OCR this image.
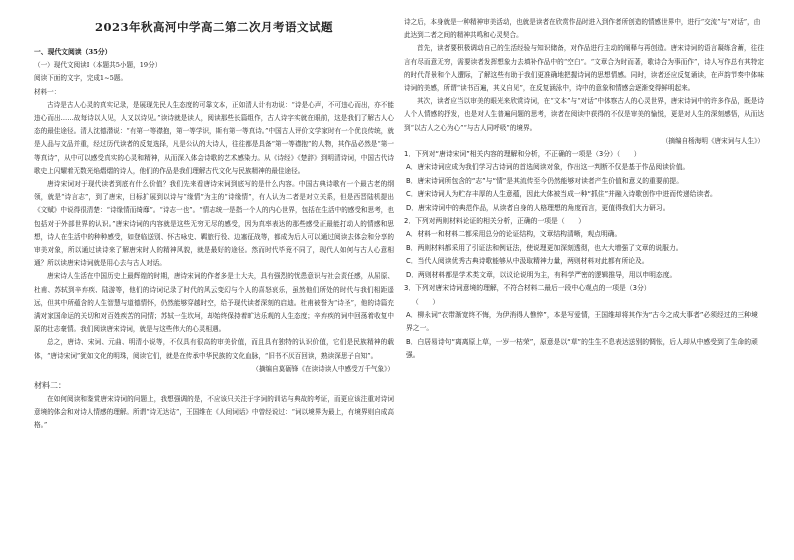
2023年秋高河中学高二第二次月考语文试题

一、现代文阅读（35分）

（一）现代文阅读Ⅰ（本题共5小题，19分）

阅读下面的文字，完成1~5题。

材料一：

古诗是古人心灵的真实记录，是展现先民人生态度的可靠文本，正如清人计有功说：“诗是心声，不可违心而出，亦不能违心而出……故每诗以人见，人又以诗见。”读诗就是读人，阅读那些长篇组作，古人诗字实就在眼前，这是我们了解古人心态的最佳途径。清人沈德潜说：“有第一等襟抱，第一等学识，斯有第一等真诗。”中国古人评价文学家时有一个优良传统，就是人品与文品并重，经过历代读者的反复选择，凡是公认的大诗人，往往都是具备“第一等襟抱”的人物，其作品必然是“第一等真诗”，从中可以感受真实的心灵和精神，从而深入体会诗歌的艺术感染力。从《诗经》《楚辞》到明清诗词，中国古代诗歌史上闪耀着无数光焰熠熠的诗人，他们的作品是我们理解古代文化与民族精神的最佳途径。

唐诗宋词对于现代读者到底有什么价值？我们先来看唐诗宋词到底写的是什么内容。中国古典诗歌有一个最古老的纲领，就是“诗言志”，到了唐宋，目标扩展到以诗与“缘情”为主的“诗缘情”，有人认为二者是对立关系，但是西晋陆机提出《文赋》中说得很清楚：“诗缘情而绮靡”。“诗志一也”。“情志统一是指一个人的内心世界，包括在生活中的感受和思考，也包括对于外部世界的认识。”唐宋诗词的内容就是这些无穷无尽的感受，因为真率表达的那些感受正最能打动人的情感和思想，诗人在生活中的种种感受，如登临送别、怀古咏史、羁旅行役、边塞征战等，都成为后人可以通过阅读去体会和分享的审美对象，所以通过读诗来了解唐宋时人的精神风貌，就是最好的途径。然而时代毕竟不同了，现代人如何与古人心意相通？所以读唐宋诗词就是用心去与古人对话。

唐宋诗人生活在中国历史上最辉煌的时期，唐诗宋词的作者多是士大夫，具有强烈的忧患意识与社会责任感，从屈原、杜甫、苏轼到辛弃疾、陆游等，他们的诗词记录了时代的风云变幻与个人的喜怒哀乐，虽然他们所处的时代与我们相距遥远，但其中所蕴含的人生智慧与道德情怀，仍然能够穿越时空，给予现代读者深刻的启迪。杜甫被誉为“诗圣”，他的诗篇充满对家国命运的关切和对百姓疾苦的同情；苏轼一生坎坷，却始终保持着旷达乐观的人生态度；辛弃疾的词中回荡着收复中原的壮志豪情。我们阅读唐宋诗词，就是与这些伟大的心灵相遇。

总之，唐诗、宋词、元曲、明清小说等，不仅具有很高的审美价值，而且具有独特的认识价值，它们是民族精神的载体，“唐诗宋词”犹如文化的明珠，阅读它们，就是在传承中华民族的文化血脉，“旧书不厌百回读，熟读深思子自知”。

（摘编自莫砺锋《在读诗读人中感受万千气象》）

材料二：

在如何阅读和鉴赏唐宋诗词的问题上，我想强调的是，不应该只关注于字词的训诂与典故的考证，而更应该注重对诗词意境的体会和对诗人情感的理解。所谓“诗无达诂”，王国维在《人间词话》中曾经说过：“词以境界为最上，有境界则自成高格。”

诗之后，本身就是一种精神审美活动，也就是读者在欣赏作品时进入到作者所创造的情感世界中，进行“交流”与“对话”，由此达到二者之间的精神共鸣和心灵契合。

首先，读者要积极调动自己的生活经验与知识储备，对作品进行主动的阐释与再创造。唐宋诗词的语言凝练含蓄，往往言有尽而意无穷，需要读者发挥想象力去填补作品中的“空白”。“文章合为时而著，歌诗合为事而作”，诗人写作总有其特定的时代背景和个人遭际，了解这些有助于我们更准确地把握诗词的思想情感。同时，读者还应反复诵读，在声韵节奏中体味诗词的美感，所谓“读书百遍，其义自见”，在反复涵泳中，诗中的意象和情感会逐渐变得鲜明起来。

其次，读者应当以审美的眼光来欣赏诗词，在“文本”与“对话”中体察古人的心灵世界，唐宋诗词中的许多作品，既是诗人个人情感的抒发，也是对人生普遍问题的思考，读者在阅读中获得的不仅是审美的愉悦，更是对人生的深刻感悟，从而达到“以古人之心为心”“与古人同呼吸”的境界。

（摘编自杨海明《唐宋词与人生》）

1．下列对“唐诗宋词”相关内容的理解和分析，不正确的一项是（3分）（　　）

A．唐宋诗词应成为我们学习古诗词的首选阅读对象，作出这一判断不仅是基于作品阅读价值。

B．唐宋诗词所包含的“志”与“情”是其流传至今仍然能够对读者产生价值和意义的重要前提。

C．唐宋诗词人为贮存丰厚的人生意蕴，因此大体被当成一种“抓住”并融入诗歌创作中进而传递给读者。

D．唐宋诗词中的典范作品，从读者自身的人格理想的角度而言，更值得我们大力研习。

2．下列对两则材料论证的相关分析，正确的一项是（　　）

A．材料一和材料二都采用总分的论证结构，文章结构清晰，观点明确。

B．两则材料都采用了引证法和例证法，使说理更加深刻透彻，也大大增强了文章的说服力。

C．当代人阅读优秀古典诗歌能够从中汲取精神力量，两则材料对此都有所论及。

D．两则材料都是学术类文章，以议论说明为主，有科学严密的逻辑推导，用以申明态度。

3．下列对唐宋诗词意境的理解，不符合材料二最后一段中心观点的一项是（3分）

（　　）

A．柳永词“衣带渐宽终不悔，为伊消得人憔悴”，本是写爱情，王国维却将其作为“古今之成大事者”必须经过的三种境界之一。

B．白居易诗句“离离原上草，一岁一枯荣”，原意是以“草”的生生不息表达送别的惆怅，后人却从中感受到了生命的顽强。
